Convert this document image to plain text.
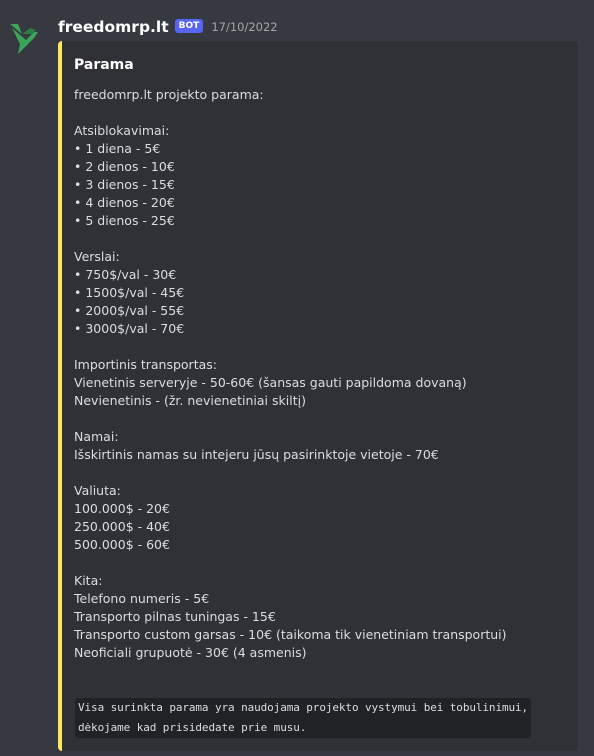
freedomrp.lt	BOT	17/10/2022
Parama
freedomrp.lt projekto parama:
Atsiblokavimai:
• 1 diena - 5€
• 2 dienos - 10€
• 3 dienos - 15€
• 4 dienos - 20€
• 5 dienos - 25€
Verslai:
• 750$/val - 30€
• 1500$/val - 45€
• 2000$/val - 55€
• 3000$/val - 70€
Importinis transportas:
Vienetinis serveryje - 50-60€ (šansas gauti papildoma dovaną)
Nevienetinis - (žr. nevienetiniai skiltį)
Namai:
Išskirtinis namas su intejeru jūsų pasirinktoje vietoje - 70€
Valiuta:
100.000$ - 20€
250.000$ - 40€
500.000$ - 60€
Kita:
Telefono numeris - 5€
Transporto pilnas tuningas - 15€
Transporto custom garsas - 10€ (taikoma tik vienetiniam transportui)
Neoficiali grupuotė - 30€ (4 asmenis)
Visa surinkta parama yra naudojama projekto vystymui bei tobulinimui,
dėkojame kad prisidedate prie musu.
